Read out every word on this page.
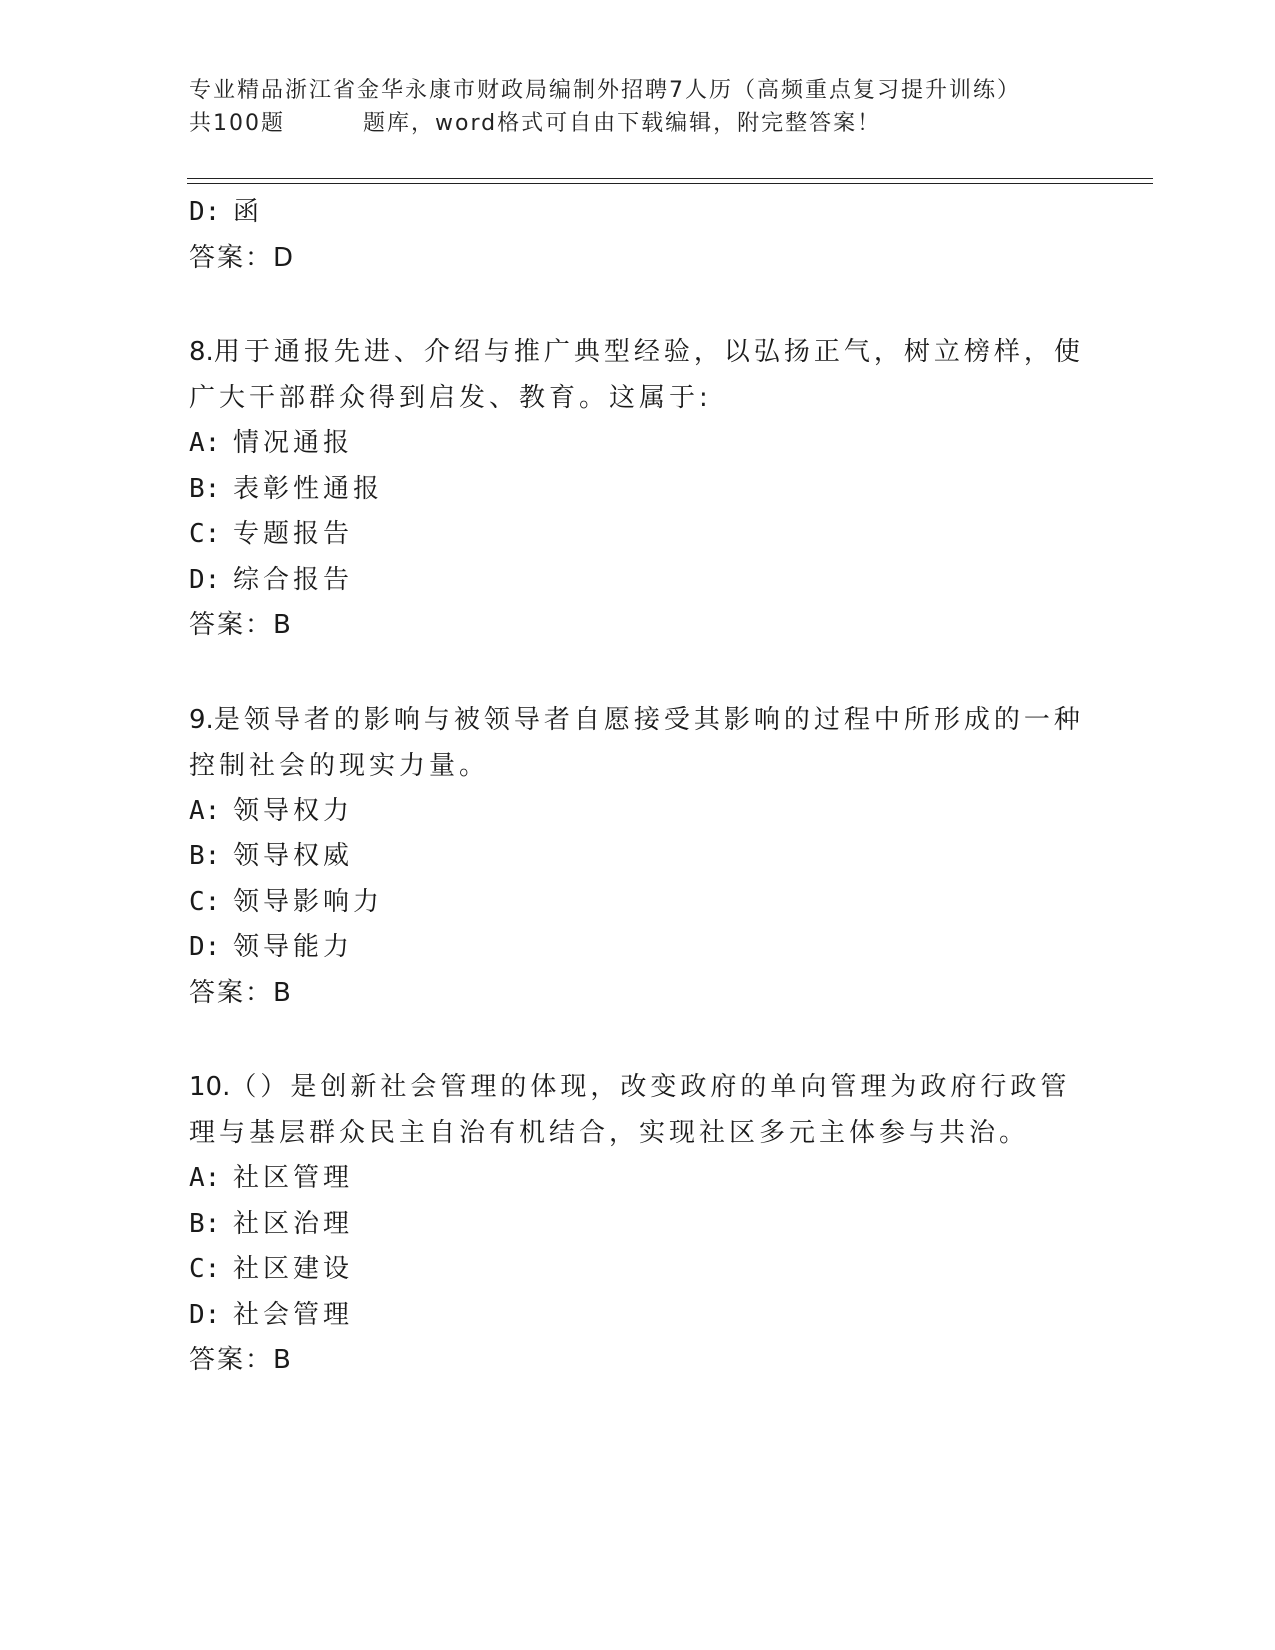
专业精品浙江省金华永康市财政局编制外招聘7人历（高频重点复习提升训练）
共100题	题库，word格式可自由下载编辑，附完整答案！
D: 函
答案：D
8.用于通报先进、介绍与推广典型经验，以弘扬正气，树立榜样，使广大干部群众得到启发、教育。这属于:
A: 情况通报
B: 表彰性通报
C: 专题报告
D: 综合报告
答案：B
9.是领导者的影响与被领导者自愿接受其影响的过程中所形成的一种控制社会的现实力量。
A: 领导权力
B: 领导权威
C: 领导影响力
D: 领导能力
答案：B
10.（）是创新社会管理的体现，改变政府的单向管理为政府行政管理与基层群众民主自治有机结合，实现社区多元主体参与共治。
A: 社区管理
B: 社区治理
C: 社区建设
D: 社会管理
答案：B
